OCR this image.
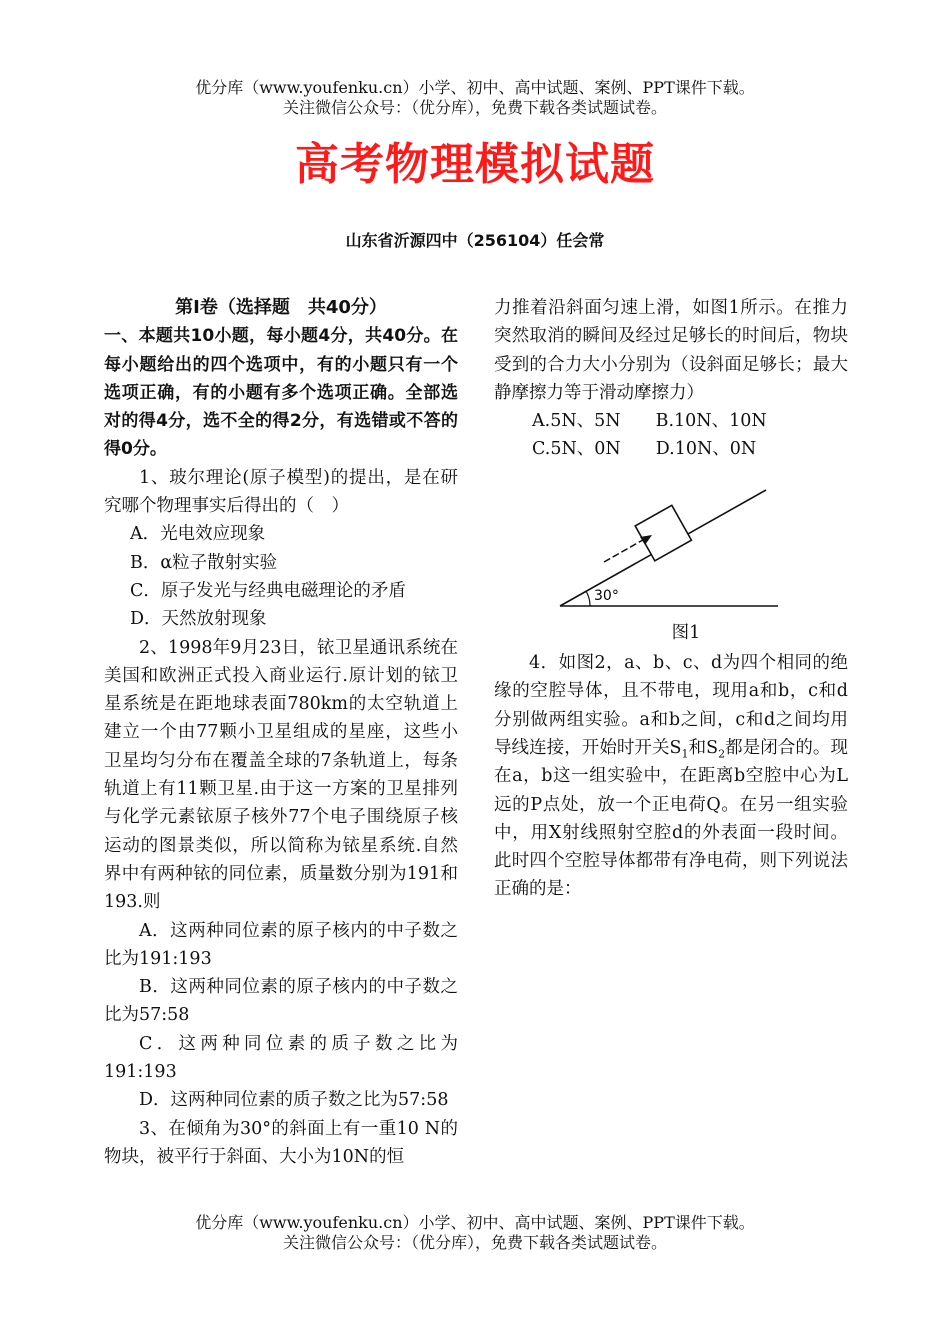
优分库（www.youfenku.cn）小学、初中、高中试题、案例、PPT课件下载。
关注微信公众号：（优分库），免费下载各类试题试卷。
高考物理模拟试题
山东省沂源四中（256104）任会常

第Ⅰ卷（选择题　共40分）

一、本题共10小题，每小题4分，共40分。在每小题给出的四个选项中，有的小题只有一个选项正确，有的小题有多个选项正确。全部选对的得4分，选不全的得2分，有选错或不答的得0分。

1、玻尔理论(原子模型)的提出，是在研究哪个物理事实后得出的（　）

A．光电效应现象

B．α粒子散射实验

C．原子发光与经典电磁理论的矛盾

D．天然放射现象

2、1998年9月23日，铱卫星通讯系统在美国和欧洲正式投入商业运行.原计划的铱卫星系统是在距地球表面780km的太空轨道上建立一个由77颗小卫星组成的星座，这些小卫星均匀分布在覆盖全球的7条轨道上，每条轨道上有11颗卫星.由于这一方案的卫星排列与化学元素铱原子核外77个电子围绕原子核运动的图景类似，所以简称为铱星系统.自然界中有两种铱的同位素，质量数分别为191和193.则

A．这两种同位素的原子核内的中子数之比为191:193

B．这两种同位素的原子核内的中子数之比为57:58

C．这两种同位素的质子数之比为191:193

D．这两种同位素的质子数之比为57:58

3、在倾角为30°的斜面上有一重10 N的物块，被平行于斜面、大小为10N的恒

力推着沿斜面匀速上滑，如图1所示。在推力突然取消的瞬间及经过足够长的时间后，物块受到的合力大小分别为（设斜面足够长；最大静摩擦力等于滑动摩擦力）

A.5N、5N　　B.10N、10N

C.5N、0N　　D.10N、0N

30°

图1

4．如图2，a、b、c、d为四个相同的绝缘的空腔导体，且不带电，现用a和b，c和d分别做两组实验。a和b之间，c和d之间均用导线连接，开始时开关$S_1$和$S_2$都是闭合的。现在a，b这一组实验中，在距离b空腔中心为L远的P点处，放一个正电荷Q。在另一组实验中，用X射线照射空腔d的外表面一段时间。此时四个空腔导体都带有净电荷，则下列说法正确的是：

优分库（www.youfenku.cn）小学、初中、高中试题、案例、PPT课件下载。
关注微信公众号：（优分库），免费下载各类试题试卷。
